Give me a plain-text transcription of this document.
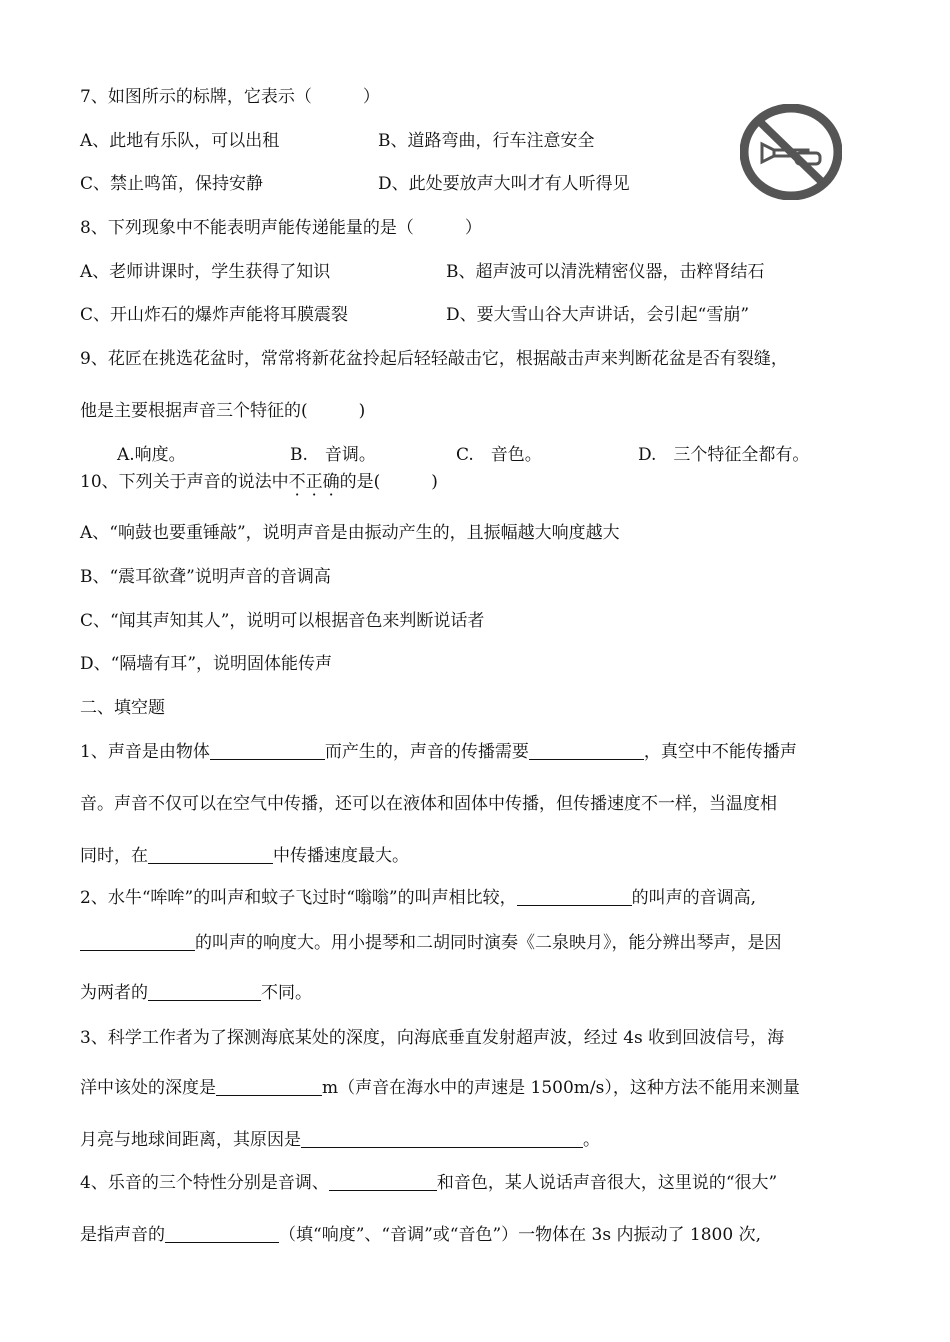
7、如图所示的标牌，它表示（　　　）
A、此地有乐队，可以出租	B、道路弯曲，行车注意安全
C、禁止鸣笛，保持安静	D、此处要放声大叫才有人听得见
8、下列现象中不能表明声能传递能量的是（　　　）
A、老师讲课时，学生获得了知识	B、超声波可以清洗精密仪器，击粹肾结石
C、开山炸石的爆炸声能将耳膜震裂	D、要大雪山谷大声讲话，会引起“雪崩”
9、花匠在挑选花盆时，常常将新花盆拎起后轻轻敲击它，根据敲击声来判断花盆是否有裂缝，
他是主要根据声音三个特征的(　　　)
A.响度。	B.　音调。	C.　音色。	D.　三个特征全都有。
10、下列关于声音的说法中不正确的是(　　　)
A、“响鼓也要重锤敲”，说明声音是由振动产生的，且振幅越大响度越大
B、“震耳欲聋”说明声音的音调高
C、“闻其声知其人”，说明可以根据音色来判断说话者
D、“隔墙有耳”，说明固体能传声
二、填空题
1、声音是由物体	而产生的，声音的传播需要	，真空中不能传播声
音。声音不仅可以在空气中传播，还可以在液体和固体中传播，但传播速度不一样，当温度相
同时，在	中传播速度最大。
2、水牛“哞哞”的叫声和蚊子飞过时“嗡嗡”的叫声相比较，	的叫声的音调高,
的叫声的响度大。用小提琴和二胡同时演奏《二泉映月》，能分辨出琴声，是因
为两者的	不同。
3、科学工作者为了探测海底某处的深度，向海底垂直发射超声波，经过 4s 收到回波信号，海
洋中该处的深度是	m（声音在海水中的声速是 1500m/s），这种方法不能用来测量
月亮与地球间距离，其原因是	。
4、乐音的三个特性分别是音调、	和音色，某人说话声音很大，这里说的“很大”
是指声音的	（填“响度”、“音调”或“音色”）一物体在 3s 内振动了 1800 次,
